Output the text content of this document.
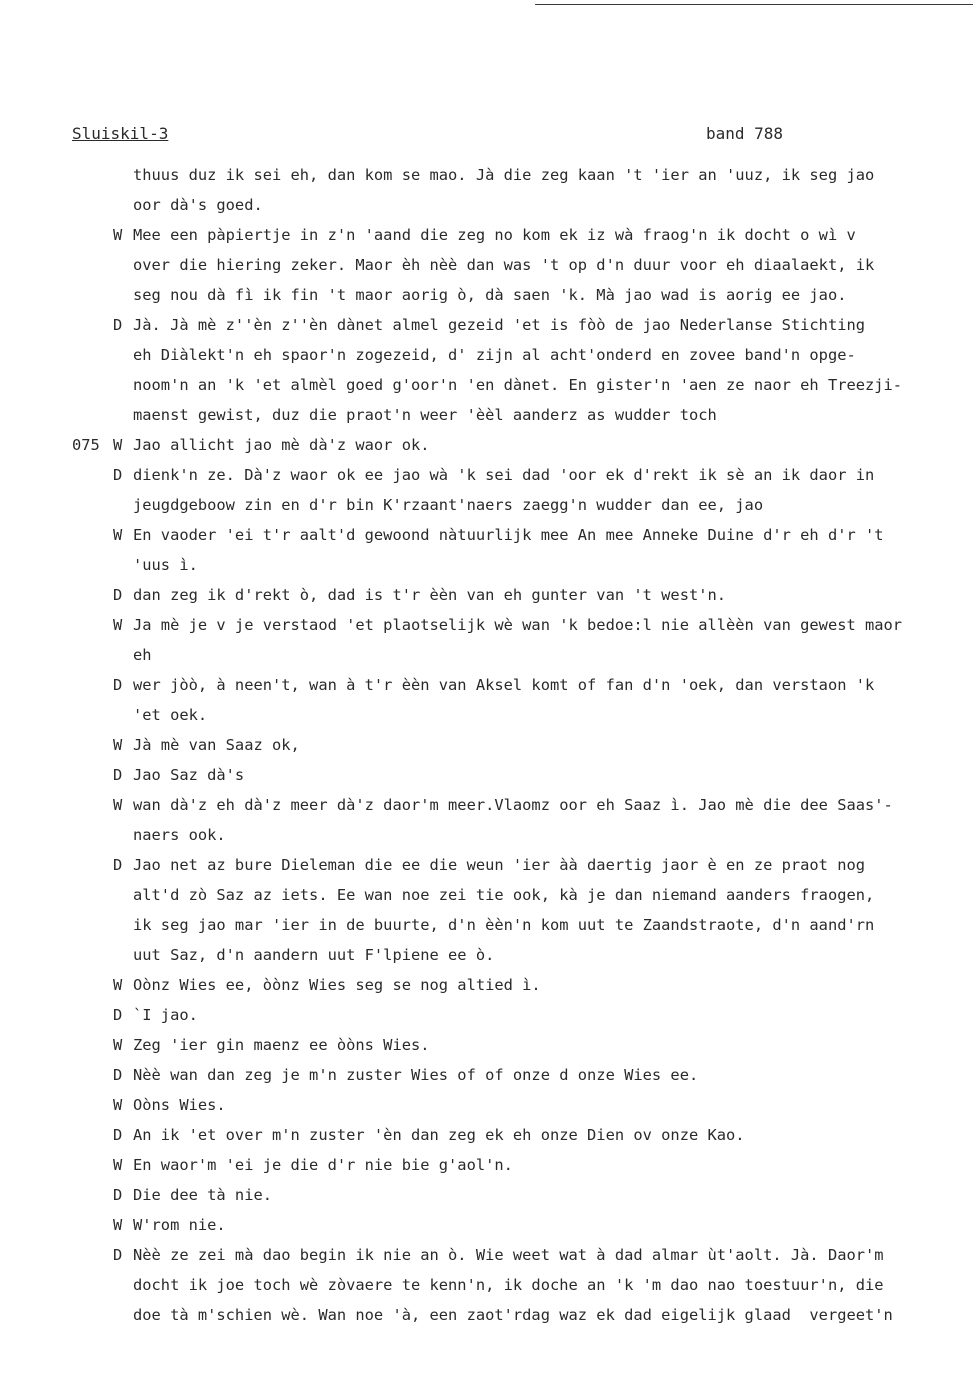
Sluiskil-3	band 788
thuus duz ik sei eh, dan kom se mao. Jà die zeg kaan 't 'ier an 'uuz, ik seg jao
oor dà's goed.
W Mee een pàpiertje in z'n 'aand die zeg no kom ek iz wà fraog'n ik docht o wì v
over die hiering zeker. Maor èh nèè dan was 't op d'n duur voor eh diaalaekt, ik
seg nou dà fì ik fin 't maor aorig ò, dà saen 'k. Mà jao wad is aorig ee jao.
D Jà. Jà mè z''èn z''èn dànet almel gezeid 'et is fòò de jao Nederlanse Stichting
eh Diàlekt'n eh spaor'n zogezeid, d' zijn al acht'onderd en zovee band'n opge-
noom'n an 'k 'et almèl goed g'oor'n 'en dànet. En gister'n 'aen ze naor eh Treezji-
maenst gewist, duz die praot'n weer 'èèl aanderz as wudder toch
075 W Jao allicht jao mè dà'z waor ok.
D dienk'n ze. Dà'z waor ok ee jao wà 'k sei dad 'oor ek d'rekt ik sè an ik daor in
jeugdgeboow zin en d'r bin K'rzaant'naers zaegg'n wudder dan ee, jao
W En vaoder 'ei t'r aalt'd gewoond nàtuurlijk mee An mee Anneke Duine d'r eh d'r 't
'uus ì.
D dan zeg ik d'rekt ò, dad is t'r èèn van eh gunter van 't west'n.
W Ja mè je v je verstaod 'et plaotselijk wè wan 'k bedoe:l nie allèèn van gewest maor
eh
D wer jòò, à neen't, wan à t'r èèn van Aksel komt of fan d'n 'oek, dan verstaon 'k
'et oek.
W Jà mè van Saaz ok,
D Jao Saz dà's
W wan dà'z eh dà'z meer dà'z daor'm meer.Vlaomz oor eh Saaz ì. Jao mè die dee Saas'-
naers ook.
D Jao net az bure Dieleman die ee die weun 'ier àà daertig jaor è en ze praot nog
alt'd zò Saz az iets. Ee wan noe zei tie ook, kà je dan niemand aanders fraogen,
ik seg jao mar 'ier in de buurte, d'n èèn'n kom uut te Zaandstraote, d'n aand'rn
uut Saz, d'n aandern uut F'lpiene ee ò.
W Oònz Wies ee, òònz Wies seg se nog altied ì.
D `I jao.
W Zeg 'ier gin maenz ee òòns Wies.
D Nèè wan dan zeg je m'n zuster Wies of of onze d onze Wies ee.
W Oòns Wies.
D An ik 'et over m'n zuster 'èn dan zeg ek eh onze Dien ov onze Kao.
W En waor'm 'ei je die d'r nie bie g'aol'n.
D Die dee tà nie.
W W'rom nie.
D Nèè ze zei mà dao begin ik nie an ò. Wie weet wat à dad almar ùt'aolt. Jà. Daor'm
docht ik joe toch wè zòvaere te kenn'n, ik doche an 'k 'm dao nao toestuur'n, die
doe tà m'schien wè. Wan noe 'à, een zaot'rdag waz ek dad eigelijk glaad  vergeet'n
